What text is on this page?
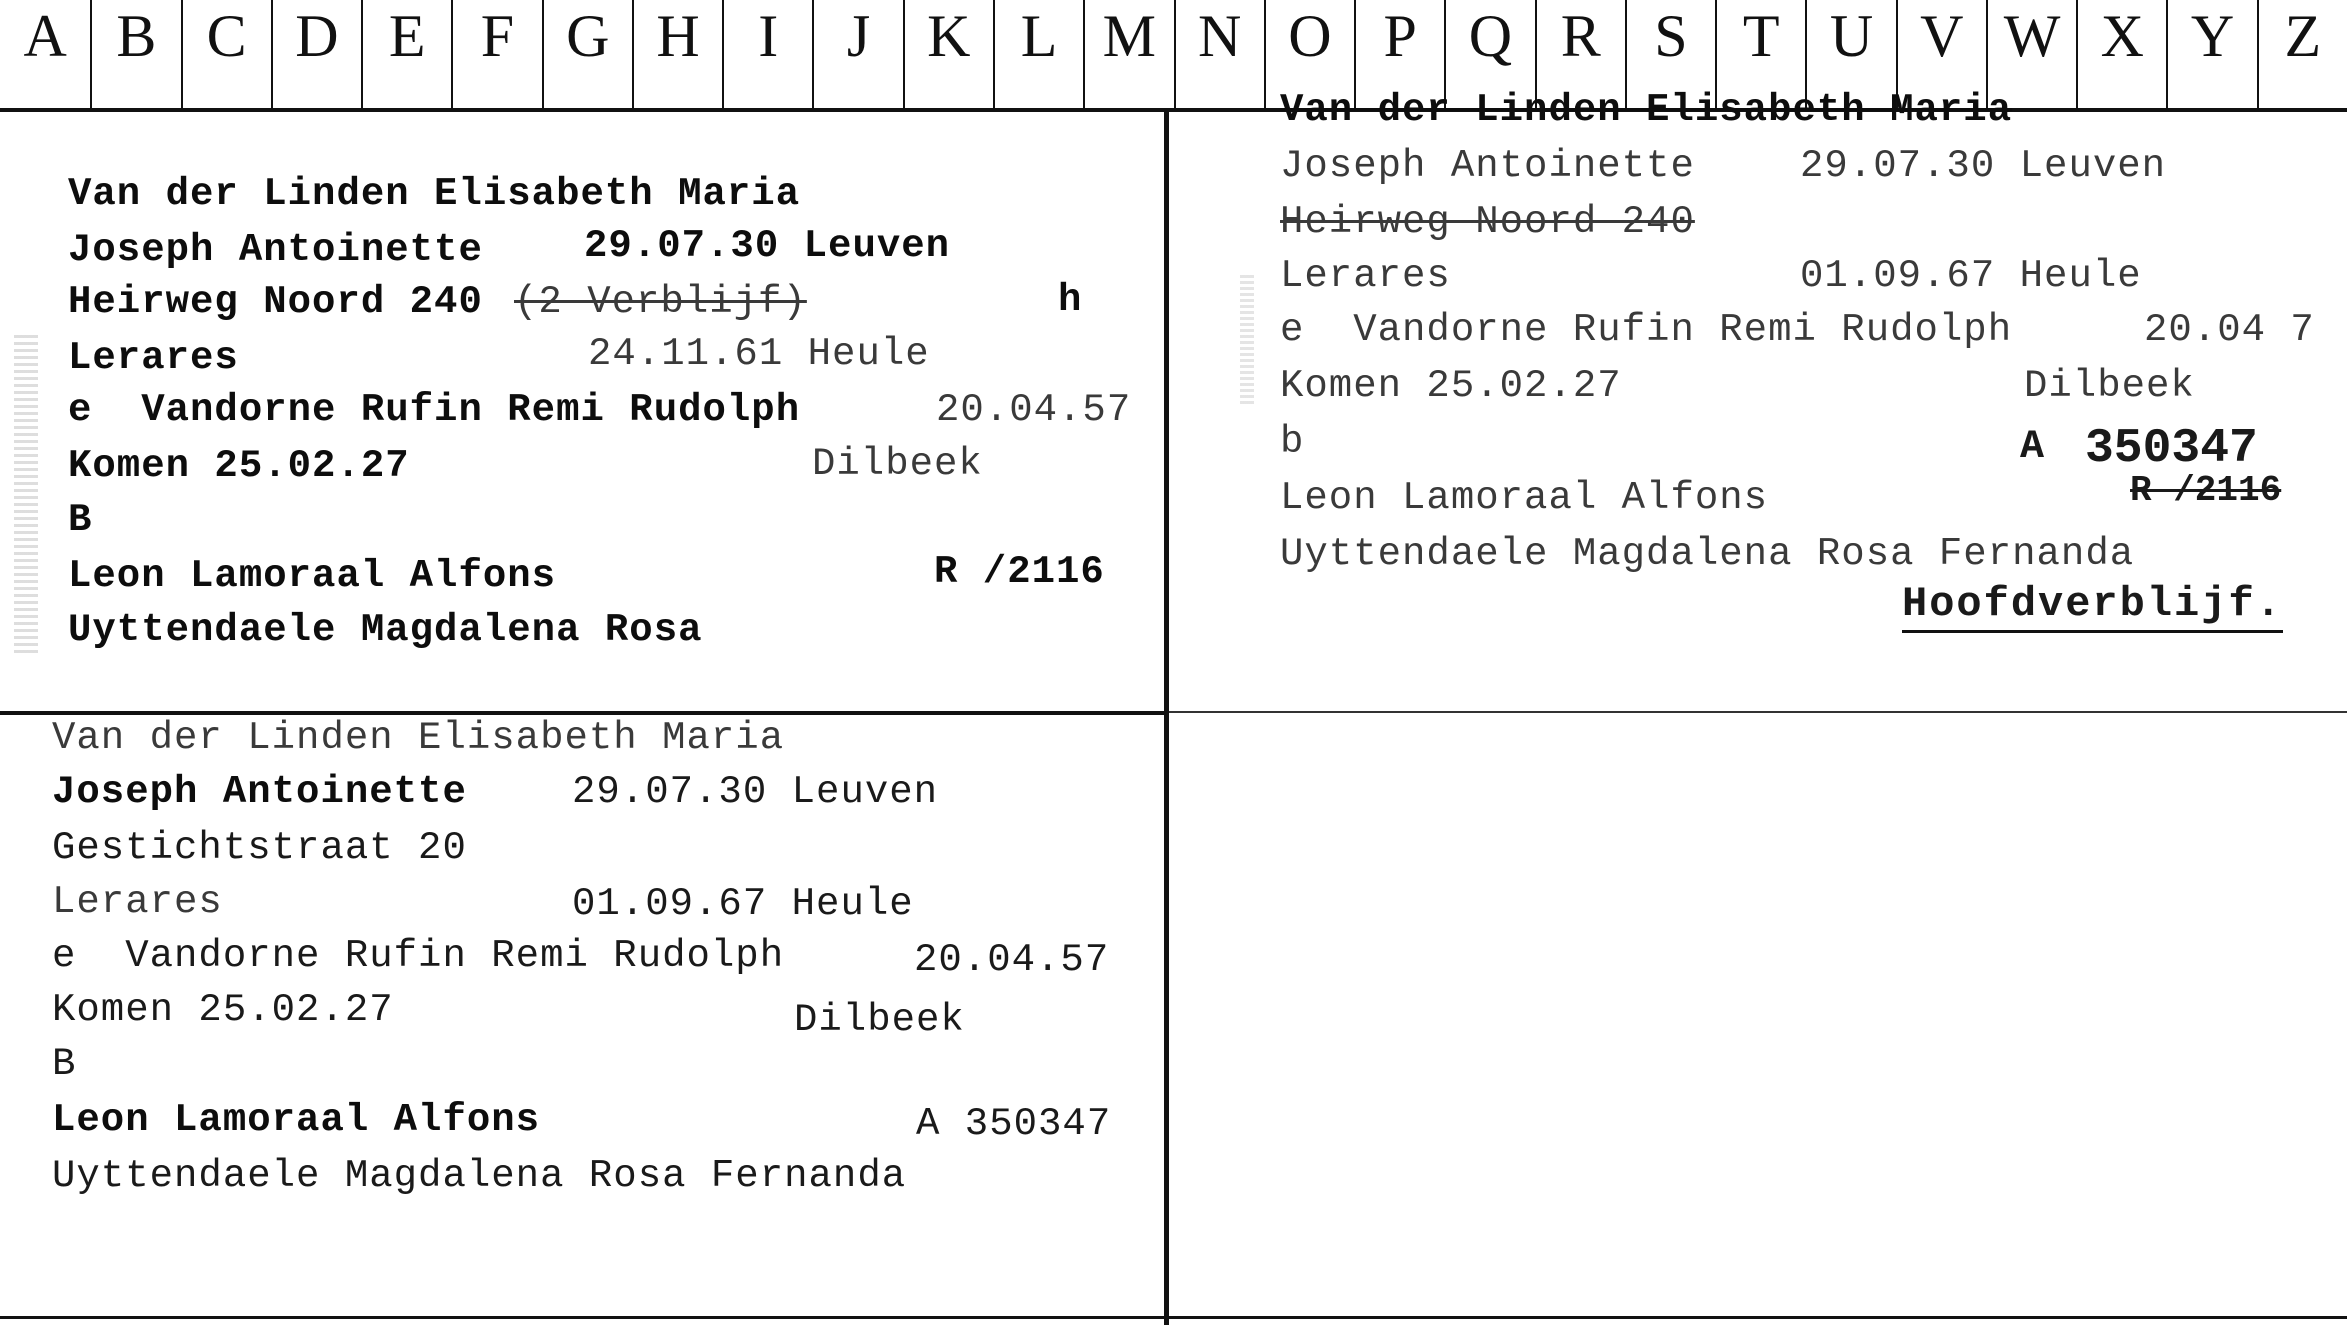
A B C D E F G H I	J K L M N O P Q R S T U V W X Y Z
Van der Linden Elisabeth Maria
Joseph Antoinette	29.07.30 Leuven
Heirweg Noord 240 (2 Verblijf)	h
Lerares	24.11.61 Heule
e  Vandorne Rufin Remi Rudolph	20.04.57
Komen 25.02.27	Dilbeek
B
Leon Lamoraal Alfons	R /2116
Uyttendaele Magdalena Rosa
Van der Linden Elisabeth Maria
Joseph Antoinette	29.07.30 Leuven
Heirweg Noord 240
Lerares	01.09.67 Heule
e  Vandorne Rufin Remi Rudolph	20.04 7
Komen 25.02.27	Dilbeek
b
Leon Lamoraal Alfons
Uyttendaele Magdalena Rosa Fernanda
A 350347
R /2116
Hoofdverblijf.
Van der Linden Elisabeth Maria
Joseph Antoinette	29.07.30 Leuven
Gestichtstraat 20
Lerares	01.09.67 Heule
e  Vandorne Rufin Remi Rudolph	20.04.57
Komen 25.02.27	Dilbeek
B
Leon Lamoraal Alfons	A 350347
Uyttendaele Magdalena Rosa Fernanda
